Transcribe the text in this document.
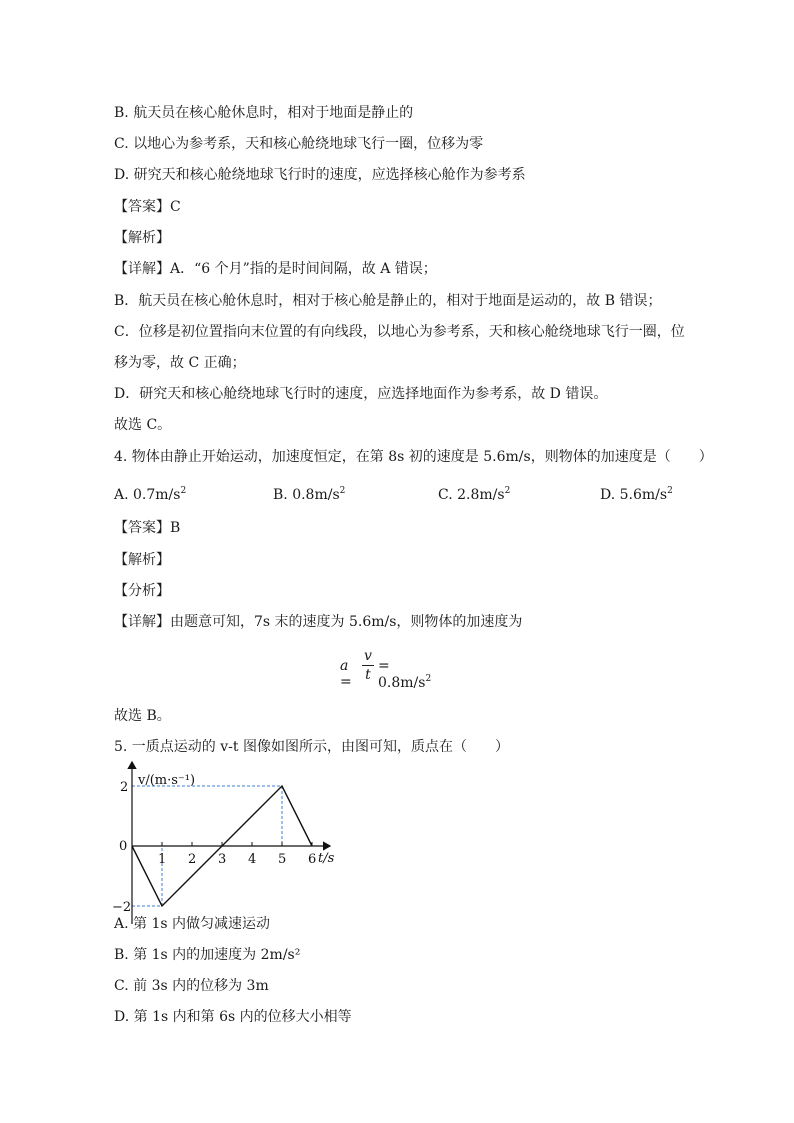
B. 航天员在核心舱休息时，相对于地面是静止的
C. 以地心为参考系，天和核心舱绕地球飞行一圈，位移为零
D. 研究天和核心舱绕地球飞行时的速度，应选择核心舱作为参考系
【答案】C
【解析】
【详解】A．“6 个月”指的是时间间隔，故 A 错误；
B．航天员在核心舱休息时，相对于核心舱是静止的，相对于地面是运动的，故 B 错误；
C．位移是初位置指向末位置的有向线段，以地心为参考系，天和核心舱绕地球飞行一圈，位
移为零，故 C 正确；
D．研究天和核心舱绕地球飞行时的速度，应选择地面作为参考系，故 D 错误。
故选 C。
4. 物体由静止开始运动，加速度恒定，在第 8s 初的速度是 5.6m/s，则物体的加速度是（　　）
A. $0.7m/s^2$	B. $0.8m/s^2$	C. $2.8m/s^2$	D. $5.6m/s^2$
【答案】B
【解析】
【分析】
【详解】由题意可知，7s 末的速度为 5.6m/s，则物体的加速度为
a =
v
t
= $0.8m/s^2$
故选 B。
5. 一质点运动的 v-t 图像如图所示，由图可知，质点在（　　）
1 2 3 4 5 6
2
0
−2
v/(m·s⁻¹)
t/s
A. 第 1s 内做匀减速运动
B. 第 1s 内的加速度为 2m/s²
C. 前 3s 内的位移为 3m
D. 第 1s 内和第 6s 内的位移大小相等
